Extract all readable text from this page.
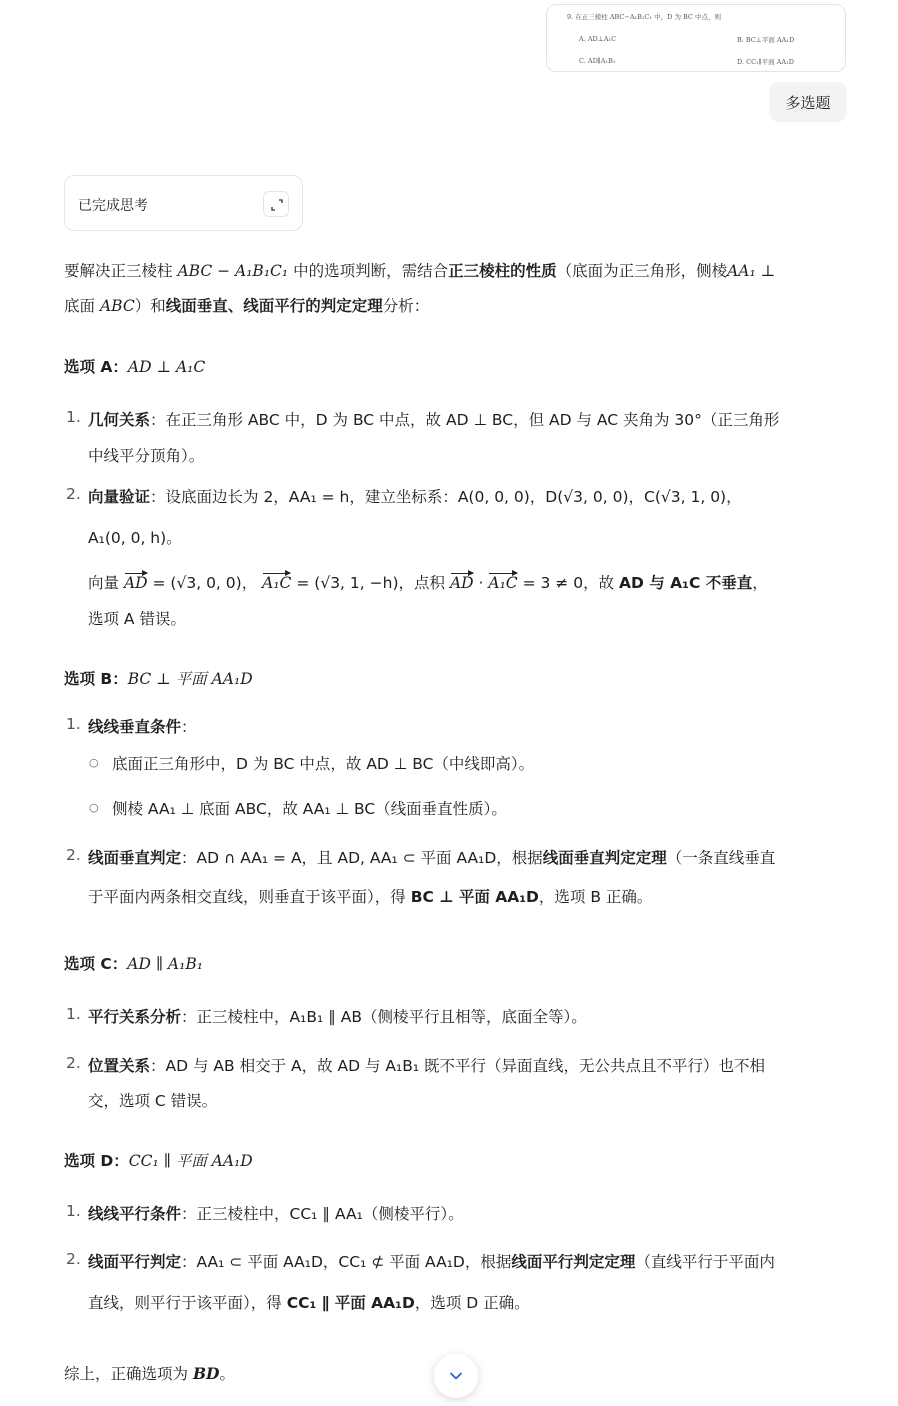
9. 在正三棱柱 ABC−A₁B₁C₁ 中，D 为 BC 中点，则
A. AD⊥A₁C	B. BC⊥平面 AA₁D
C. AD∥A₁B₁	D. CC₁∥平面 AA₁D
多选题
已完成思考
要解决正三棱柱 ABC − A₁B₁C₁ 中的选项判断，需结合正三棱柱的性质（底面为正三角形，侧棱AA₁ ⊥
底面 ABC）和线面垂直、线面平行的判定定理分析：
选项 A：AD ⊥ A₁C
1. 几何关系：在正三角形 ABC 中，D 为 BC 中点，故 AD ⊥ BC，但 AD 与 AC 夹角为 30°（正三角形
中线平分顶角）。
2. 向量验证：设底面边长为 2，AA₁ = h，建立坐标系：A(0, 0, 0)，D(√3, 0, 0)，C(√3, 1, 0)，
A₁(0, 0, h)。
向量 AD = (√3, 0, 0)， A₁C = (√3, 1, −h)，点积 AD · A₁C = 3 ≠ 0，故 AD 与 A₁C 不垂直，
选项 A 错误。
选项 B：BC ⊥ 平面 AA₁D
1. 线线垂直条件：
○ 底面正三角形中，D 为 BC 中点，故 AD ⊥ BC（中线即高）。
○ 侧棱 AA₁ ⊥ 底面 ABC，故 AA₁ ⊥ BC（线面垂直性质）。
2. 线面垂直判定：AD ∩ AA₁ = A，且 AD, AA₁ ⊂ 平面 AA₁D，根据线面垂直判定定理（一条直线垂直
于平面内两条相交直线，则垂直于该平面），得 BC ⊥ 平面 AA₁D，选项 B 正确。
选项 C：AD ∥ A₁B₁
1. 平行关系分析：正三棱柱中，A₁B₁ ∥ AB（侧棱平行且相等，底面全等）。
2. 位置关系：AD 与 AB 相交于 A，故 AD 与 A₁B₁ 既不平行（异面直线，无公共点且不平行）也不相
交，选项 C 错误。
选项 D：CC₁ ∥ 平面 AA₁D
1. 线线平行条件：正三棱柱中，CC₁ ∥ AA₁（侧棱平行）。
2. 线面平行判定：AA₁ ⊂ 平面 AA₁D，CC₁ ⊄ 平面 AA₁D，根据线面平行判定定理（直线平行于平面内
直线，则平行于该平面），得 CC₁ ∥ 平面 AA₁D，选项 D 正确。
综上，正确选项为 BD。
